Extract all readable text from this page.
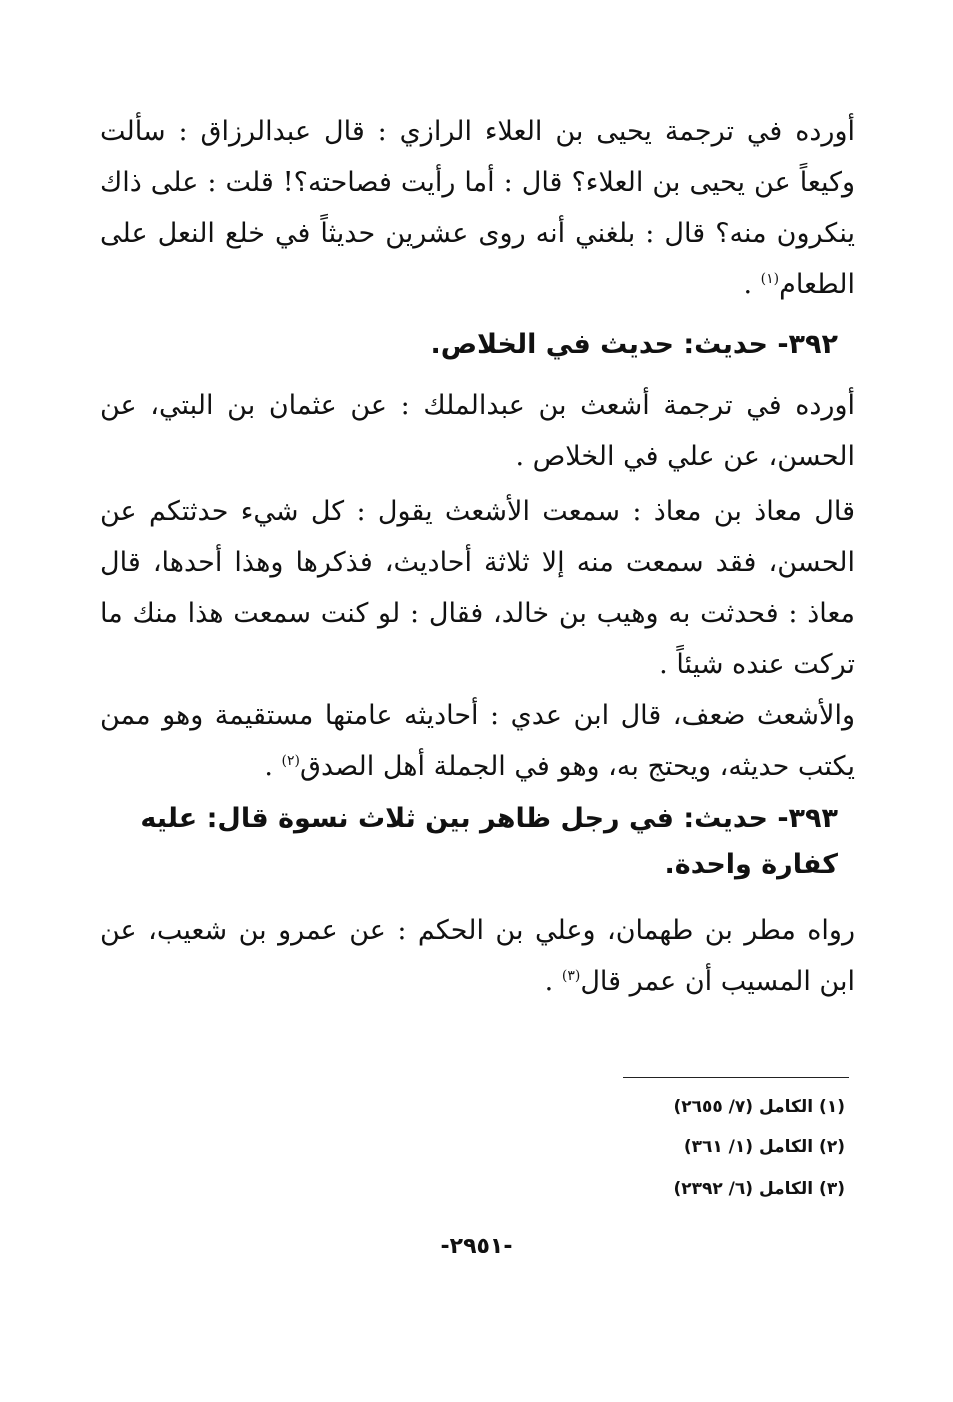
أورده في ترجمة يحيى بن العلاء الرازي : قال عبدالرزاق : سألت وكيعاً عن يحيى بن العلاء؟ قال : أما رأيت فصاحته؟! قلت : على ذاك ينكرون منه؟ قال : بلغني أنه روى عشرين حديثاً في خلع النعل على الطعام$^{(١)}$ .

٣٩٢- حديث: حديث في الخلاص.

أورده في ترجمة أشعث بن عبدالملك : عن عثمان بن البتي، عن الحسن، عن علي في الخلاص .

قال معاذ بن معاذ : سمعت الأشعث يقول : كل شيء حدثتكم عن الحسن، فقد سمعت منه إلا ثلاثة أحاديث، فذكرها وهذا أحدها، قال معاذ : فحدثت به وهيب بن خالد، فقال : لو كنت سمعت هذا منك ما تركت عنده شيئاً .

والأشعث ضعف، قال ابن عدي : أحاديثه عامتها مستقيمة وهو ممن يكتب حديثه، ويحتج به، وهو في الجملة أهل الصدق$^{(٢)}$ .

٣٩٣- حديث: في رجل ظاهر بين ثلاث نسوة قال: عليه كفارة واحدة.

رواه مطر بن طهمان، وعلي بن الحكم : عن عمرو بن شعيب، عن ابن المسيب أن عمر قال$^{(٣)}$ .

(١) الكامل (٧/ ٢٦٥٥)

(٢) الكامل (١/ ٣٦١)

(٣) الكامل (٦/ ٢٣٩٢)

-٢٩٥١-
